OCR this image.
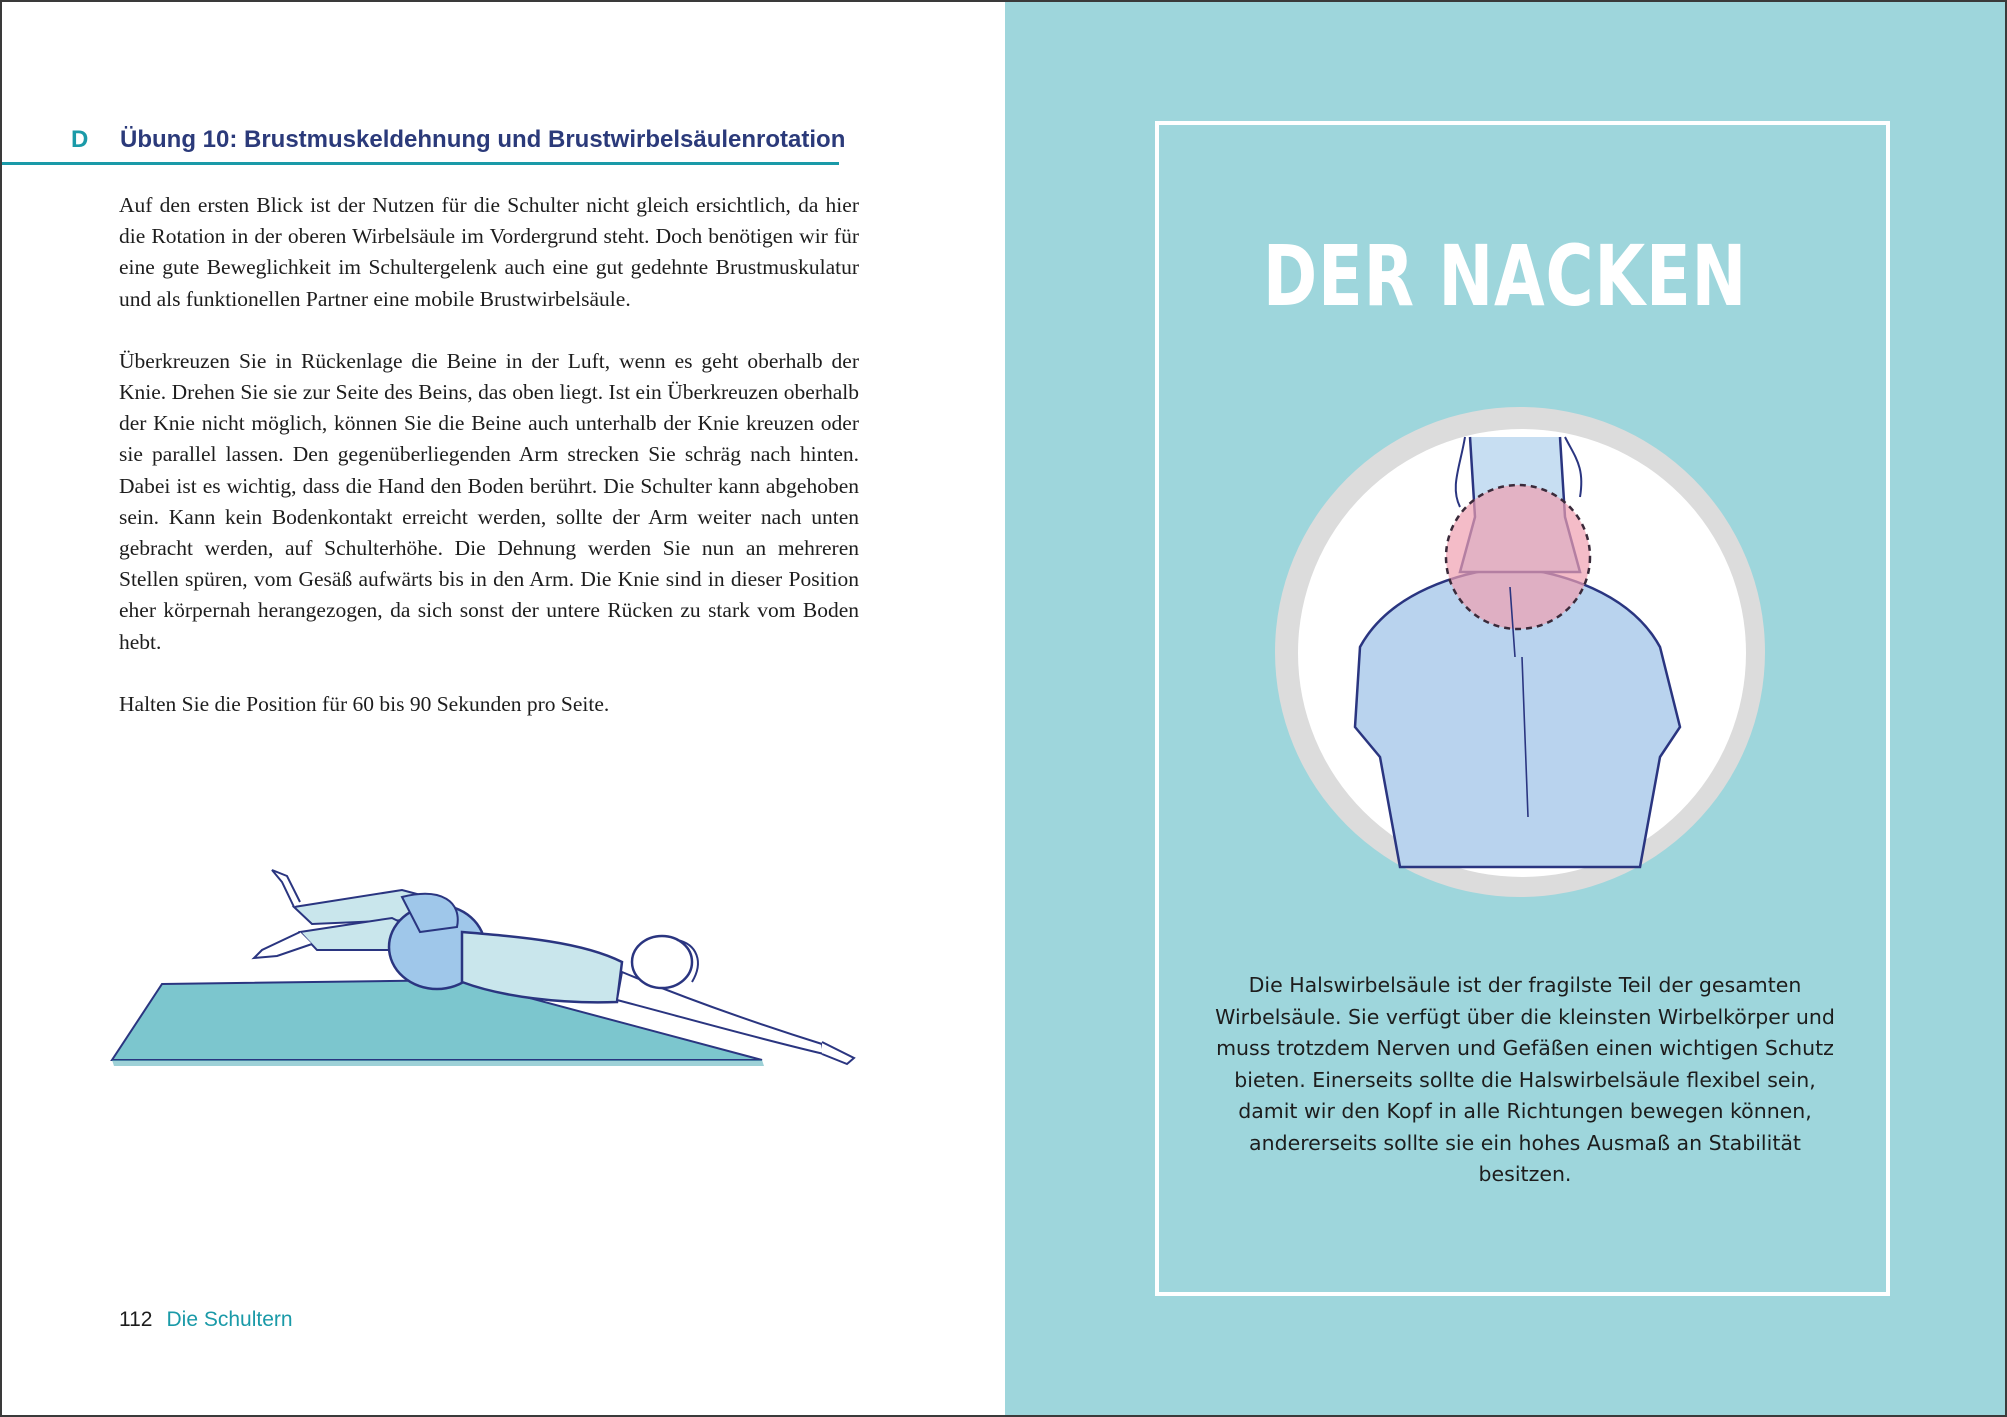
D	Übung 10: Brustmuskeldehnung und Brustwirbelsäulenrotation

Auf den ersten Blick ist der Nutzen für die Schulter nicht gleich ersichtlich, da hier die Rotation in der oberen Wirbelsäule im Vordergrund steht. Doch benötigen wir für eine gute Beweglichkeit im Schultergelenk auch eine gut gedehnte Brustmuskulatur und als funktionellen Partner eine mobile Brustwirbelsäule.

Überkreuzen Sie in Rückenlage die Beine in der Luft, wenn es geht oberhalb der Knie. Drehen Sie sie zur Seite des Beins, das oben liegt. Ist ein Überkreuzen oberhalb der Knie nicht möglich, können Sie die Beine auch unterhalb der Knie kreuzen oder sie parallel lassen. Den gegenüberliegenden Arm strecken Sie schräg nach hinten. Dabei ist es wichtig, dass die Hand den Boden berührt. Die Schulter kann abgehoben sein. Kann kein Bodenkontakt erreicht werden, sollte der Arm weiter nach unten gebracht werden, auf Schulterhöhe. Die Dehnung werden Sie nun an mehreren Stellen spüren, vom Gesäß aufwärts bis in den Arm. Die Knie sind in dieser Position eher körpernah herangezogen, da sich sonst der untere Rücken zu stark vom Boden hebt.

Halten Sie die Position für 60 bis 90 Sekunden pro Seite.

112 Die Schultern
DER NACKEN
Die Halswirbelsäule ist der fragilste Teil der gesamten Wirbelsäule. Sie verfügt über die kleinsten Wirbelkörper und muss trotzdem Nerven und Gefäßen einen wichtigen Schutz bieten. Einerseits sollte die Halswirbelsäule flexibel sein, damit wir den Kopf in alle Richtungen bewegen können, andererseits sollte sie ein hohes Ausmaß an Stabilität besitzen.
